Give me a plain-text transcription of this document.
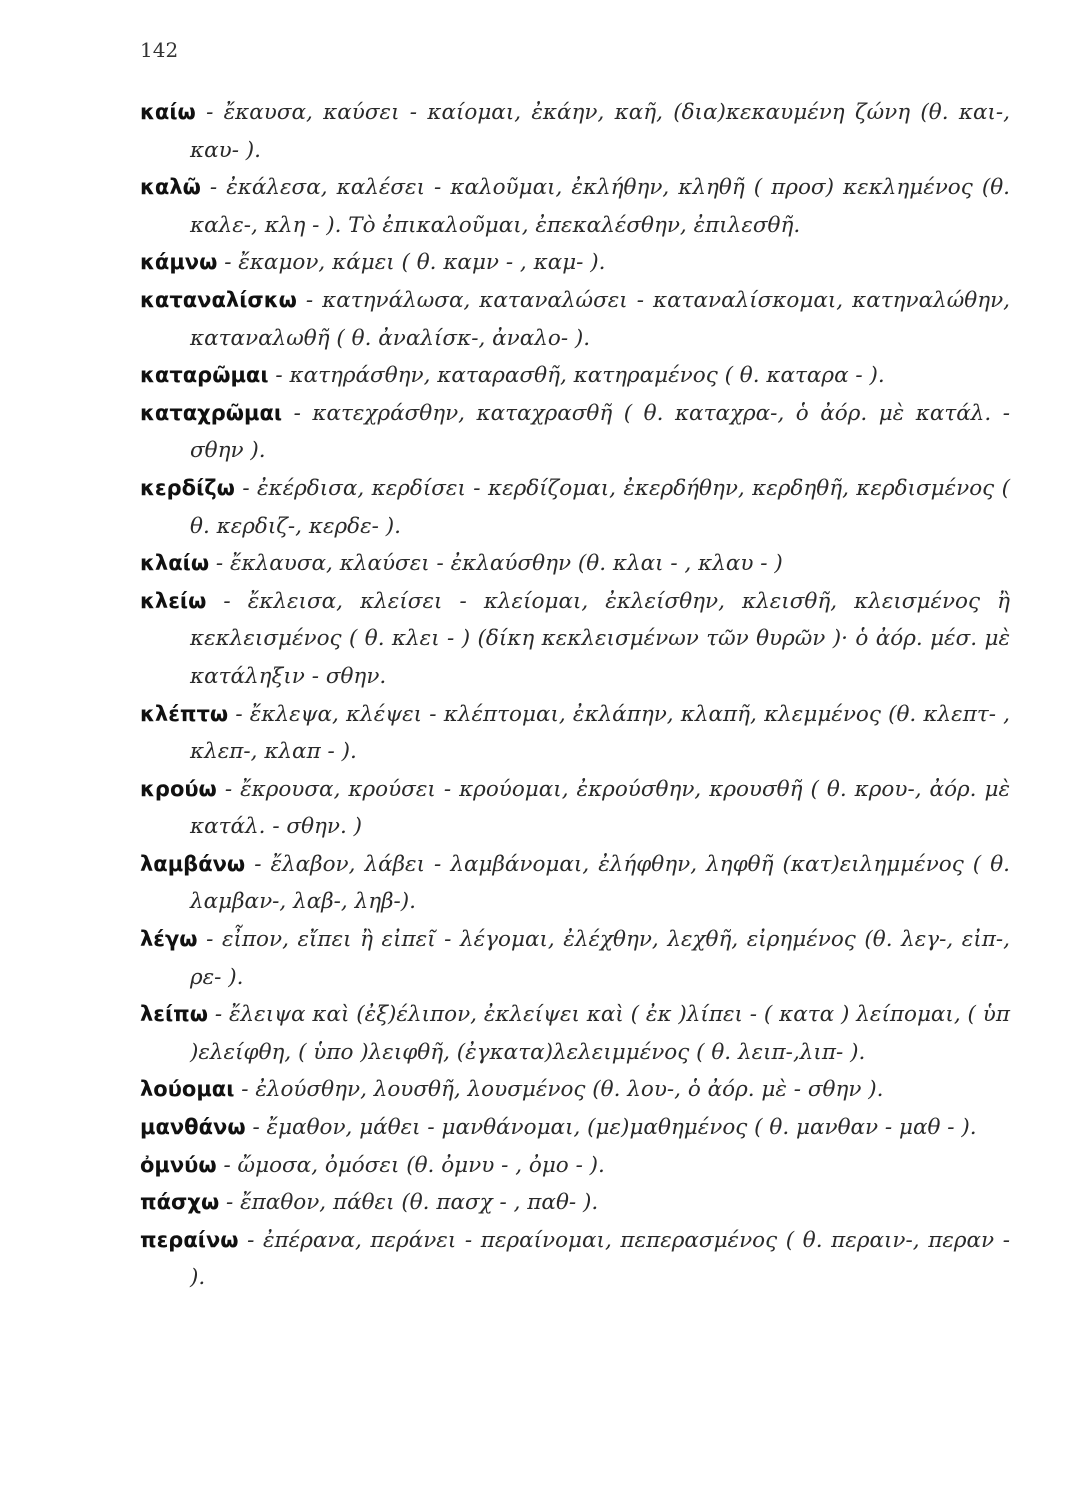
142

καίω - ἔκαυσα, καύσει - καίομαι, ἐκάην, καῆ, (δια)κεκαυμένη ζώνη (θ. και-, καυ- ).

καλῶ - ἐκάλεσα, καλέσει - καλοῦμαι, ἐκλήθην, κληθῆ ( προσ) κεκλημένος (θ. καλε-, κλη - ). Τὸ ἐπικαλοῦμαι, ἐπεκαλέσθην, ἐπιλεσθῆ.

κάμνω - ἔκαμον, κάμει ( θ. καμν - , καμ- ).

καταναλίσκω - κατηνάλωσα, καταναλώσει - καταναλίσκομαι, κατηναλώθην, καταναλωθῆ ( θ. ἀναλίσκ-, ἀναλο- ).

καταρῶμαι - κατηράσθην, καταρασθῆ, κατηραμένος ( θ. καταρα - ).

καταχρῶμαι - κατεχράσθην, καταχρασθῆ ( θ. καταχρα-, ὁ ἀόρ. μὲ κατάλ. - σθην ).

κερδίζω - ἐκέρδισα, κερδίσει - κερδίζομαι, ἐκερδήθην, κερδηθῆ, κερδισμένος ( θ. κερδιζ-, κερδε- ).

κλαίω - ἔκλαυσα, κλαύσει - ἐκλαύσθην (θ. κλαι - , κλαυ - )

κλείω - ἔκλεισα, κλείσει - κλείομαι, ἐκλείσθην, κλεισθῆ, κλεισμένος ἢ κεκλεισμένος ( θ. κλει - ) (δίκη κεκλεισμένων τῶν θυρῶν )· ὁ ἀόρ. μέσ. μὲ κατάληξιν - σθην.

κλέπτω - ἔκλεψα, κλέψει - κλέπτομαι, ἐκλάπην, κλαπῆ, κλεμμένος (θ. κλεπτ- , κλεπ-, κλαπ - ).

κρούω - ἔκρουσα, κρούσει - κρούομαι, ἐκρούσθην, κρουσθῆ ( θ. κρου-, ἀόρ. μὲ κατάλ. - σθην. )

λαμβάνω - ἔλαβον, λάβει - λαμβάνομαι, ἐλήφθην, ληφθῆ (κατ)ειλημμένος ( θ. λαμβαν-, λαβ-, ληβ-).

λέγω - εἶπον, εἴπει ἢ εἰπεῖ - λέγομαι, ἐλέχθην, λεχθῆ, εἰρημένος (θ. λεγ-, εἰπ-, ρε- ).

λείπω - ἔλειψα καὶ (ἐξ)έλιπον, ἐκλείψει καὶ ( ἐκ )λίπει - ( κατα ) λείπομαι, ( ὑπ )ελείφθη, ( ὑπο )λειφθῆ, (ἐγκατα)λελειμμένος ( θ. λειπ-,λιπ- ).

λούομαι - ἐλούσθην, λουσθῆ, λουσμένος (θ. λου-, ὁ ἀόρ. μὲ - σθην ).

μανθάνω - ἔμαθον, μάθει - μανθάνομαι, (με)μαθημένος ( θ. μανθαν - μαθ - ).

ὀμνύω - ὤμοσα, ὀμόσει (θ. ὀμνυ - , ὀμο - ).

πάσχω - ἔπαθον, πάθει (θ. πασχ - , παθ- ).

περαίνω - ἐπέρανα, περάνει - περαίνομαι, πεπερασμένος ( θ. περαιν-, περαν - ).
